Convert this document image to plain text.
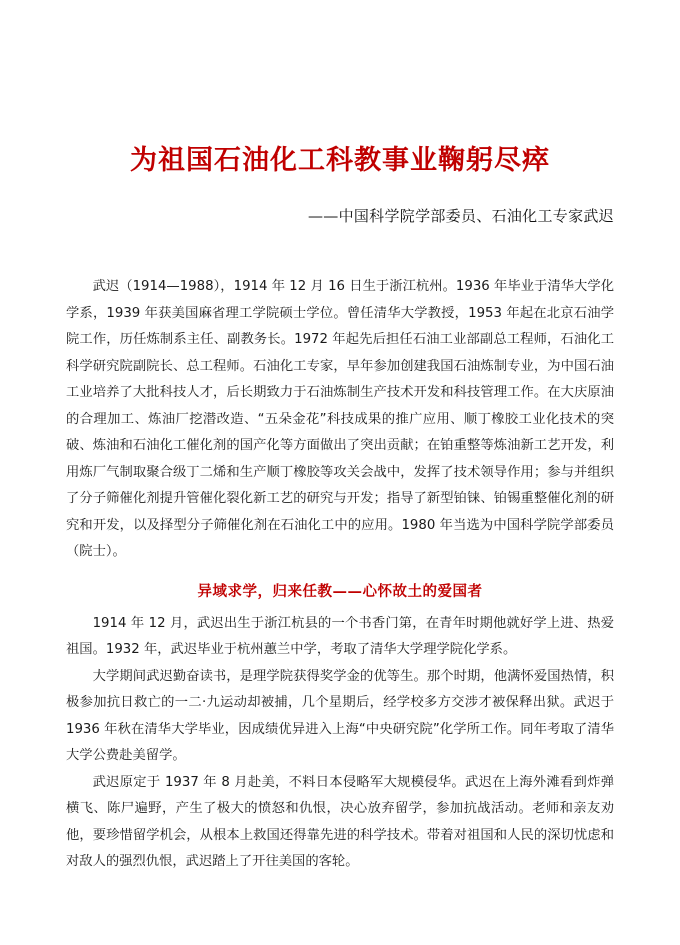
为祖国石油化工科教事业鞠躬尽瘁
——中国科学院学部委员、石油化工专家武迟

武迟（1914—1988），1914 年 12 月 16 日生于浙江杭州。1936 年毕业于清华大学化学系，1939 年获美国麻省理工学院硕士学位。曾任清华大学教授，1953 年起在北京石油学院工作，历任炼制系主任、副教务长。1972 年起先后担任石油工业部副总工程师，石油化工科学研究院副院长、总工程师。石油化工专家，早年参加创建我国石油炼制专业，为中国石油工业培养了大批科技人才，后长期致力于石油炼制生产技术开发和科技管理工作。在大庆原油的合理加工、炼油厂挖潜改造、“五朵金花”科技成果的推广应用、顺丁橡胶工业化技术的突破、炼油和石油化工催化剂的国产化等方面做出了突出贡献；在铂重整等炼油新工艺开发，利用炼厂气制取聚合级丁二烯和生产顺丁橡胶等攻关会战中，发挥了技术领导作用；参与并组织了分子筛催化剂提升管催化裂化新工艺的研究与开发；指导了新型铂铼、铂锡重整催化剂的研究和开发，以及择型分子筛催化剂在石油化工中的应用。1980 年当选为中国科学院学部委员（院士）。

异域求学，归来任教——心怀故土的爱国者

1914 年 12 月，武迟出生于浙江杭县的一个书香门第，在青年时期他就好学上进、热爱祖国。1932 年，武迟毕业于杭州蕙兰中学，考取了清华大学理学院化学系。

大学期间武迟勤奋读书，是理学院获得奖学金的优等生。那个时期，他满怀爱国热情，积极参加抗日救亡的一二·九运动却被捕，几个星期后，经学校多方交涉才被保释出狱。武迟于 1936 年秋在清华大学毕业，因成绩优异进入上海“中央研究院”化学所工作。同年考取了清华大学公费赴美留学。

武迟原定于 1937 年 8 月赴美，不料日本侵略军大规模侵华。武迟在上海外滩看到炸弹横飞、陈尸遍野，产生了极大的愤怒和仇恨，决心放弃留学，参加抗战活动。老师和亲友劝他，要珍惜留学机会，从根本上救国还得靠先进的科学技术。带着对祖国和人民的深切忧虑和对敌人的强烈仇恨，武迟踏上了开往美国的客轮。
